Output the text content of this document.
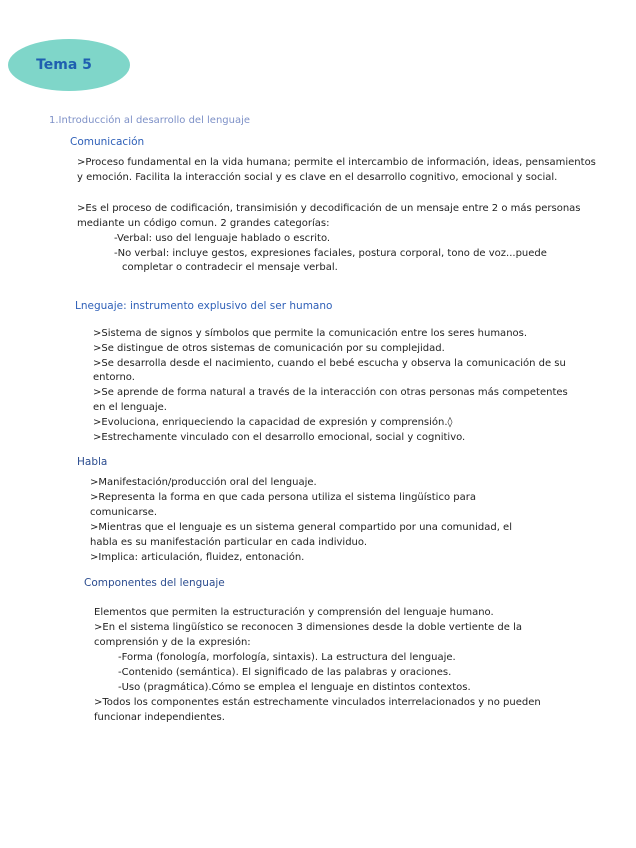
Tema 5
1.Introducción al desarrollo del lenguaje
Comunicación
>Proceso fundamental en la vida humana; permite el intercambio de información, ideas, pensamientos
y emoción. Facilita la interacción social y es clave en el desarrollo cognitivo, emocional y social.
>Es el proceso de codificación, transimisión y decodificación de un mensaje entre 2 o más personas
mediante un código comun. 2 grandes categorías:
-Verbal: uso del lenguaje hablado o escrito.
-No verbal: incluye gestos, expresiones faciales, postura corporal, tono de voz...puede
completar o contradecir el mensaje verbal.
Lneguaje: instrumento explusivo del ser humano
>Sistema de signos y símbolos que permite la comunicación entre los seres humanos.
>Se distingue de otros sistemas de comunicación por su complejidad.
>Se desarrolla desde el nacimiento, cuando el bebé escucha y observa la comunicación de su
entorno.
>Se aprende de forma natural a través de la interacción con otras personas más competentes
en el lenguaje.
>Evoluciona, enriqueciendo la capacidad de expresión y comprensión.◊
>Estrechamente vinculado con el desarrollo emocional, social y cognitivo.
Habla
>Manifestación/producción oral del lenguaje.
>Representa la forma en que cada persona utiliza el sistema lingüístico para
comunicarse.
>Mientras que el lenguaje es un sistema general compartido por una comunidad, el
habla es su manifestación particular en cada individuo.
>Implica: articulación, fluidez, entonación.
Componentes del lenguaje
Elementos que permiten la estructuración y comprensión del lenguaje humano.
>En el sistema lingüístico se reconocen 3 dimensiones desde la doble vertiente de la
comprensión y de la expresión:
-Forma (fonología, morfología, sintaxis). La estructura del lenguaje.
-Contenido (semántica). El significado de las palabras y oraciones.
-Uso (pragmática).Cómo se emplea el lenguaje en distintos contextos.
>Todos los componentes están estrechamente vinculados interrelacionados y no pueden
funcionar independientes.
